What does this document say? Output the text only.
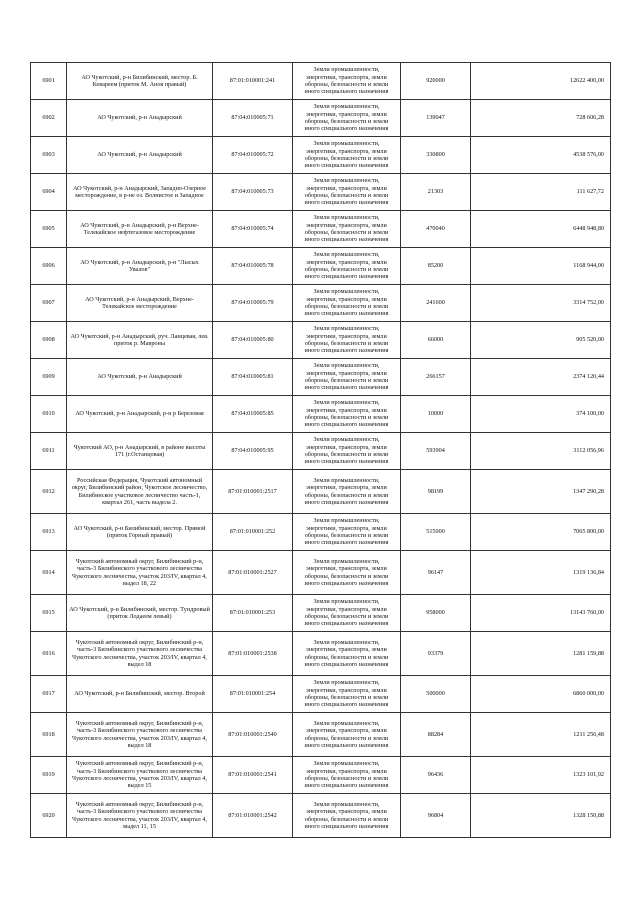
6901	АО Чукотский, р-н Билибинский, местор. Б. Кевареем (приток М. Аноя правый)	87:01:010001:241	Земли промышленности,
энергетики, транспорта, земли
обороны, безопасности и земли
иного специального назначения	920000	12622 400,00
6902	АО Чукотский, р-н Анадырский	87:04:010005:71	Земли промышленности,
энергетики, транспорта, земли
обороны, безопасности и земли
иного специального назначения	139047	728 606,28
6903	АО Чукотский, р-н Анадырский	87:04:010005:72	Земли промышленности,
энергетики, транспорта, земли
обороны, безопасности и земли
иного специального назначения	330800	4538 576,00
6904	АО Чукотский, р-н Анадырский, Западно-Озерное месторождение, в р-не оз. Волнистое и Западное	87:04:010005:73	Земли промышленности,
энергетики, транспорта, земли
обороны, безопасности и земли
иного специального назначения	21303	111 627,72
6905	АО Чукотский, р-н Анадырский, р-н Верхне-Телекайское нефтегазовое месторождение	87:04:010005:74	Земли промышленности,
энергетики, транспорта, земли
обороны, безопасности и земли
иного специального назначения	470040	6448 948,80
6906	АО Чукотский, р-н Анадырский, р-н "Лысых Увалов"	87:04:010005:78	Земли промышленности,
энергетики, транспорта, земли
обороны, безопасности и земли
иного специального назначения	85200	1168 944,00
6907	АО Чукотский, р-н Анадырский, Верхне-Телекайское месторождение	87:04:010005:79	Земли промышленности,
энергетики, транспорта, земли
обороны, безопасности и земли
иного специального назначения	241600	3314 752,00
6908	АО Чукотский, р-н Анадырский, руч. Ланцевая, лев. приток р. Мавроны	87:04:010005:80	Земли промышленности,
энергетики, транспорта, земли
обороны, безопасности и земли
иного специального назначения	66000	905 520,00
6909	АО Чукотский, р-н Анадырский	87:04:010005:81	Земли промышленности,
энергетики, транспорта, земли
обороны, безопасности и земли
иного специального назначения	266157	2374 120,44
6910	АО Чукотский, р-н Анадырский, р-н р Березовая	87:04:010005:85	Земли промышленности,
энергетики, транспорта, земли
обороны, безопасности и земли
иного специального назначения	10000	374 100,00
6911	Чукотский АО, р-н Анадырский, в районе высоты 171 (г.Останцовая)	87:04:010005:95	Земли промышленности,
энергетики, транспорта, земли
обороны, безопасности и земли
иного специального назначения	593904	3112 056,96
6912	Российская Федерация, Чукотский автономный округ, Билибинский район, Чукотское лесничество, Билибинское участковое лесничество часть-1, квартал 261, часть выдела 2.	87:01:010001:2517	Земли промышленности,
энергетики, транспорта, земли
обороны, безопасности и земли
иного специального назначения	98199	1347 290,28
6913	АО Чукотский, р-н Билибинский, местор. Прямой (приток Горный правый)	87:01:010001:252	Земли промышленности,
энергетики, транспорта, земли
обороны, безопасности и земли
иного специального назначения	515000	7065 800,00
6914	Чукотский автономный округ, Билибинский р-н, часть-3 Билибинского участкового лесничества Чукотского лесничества, участок 203/IV, квартал 4, выдел 18, 22	87:01:010001:2527	Земли промышленности,
энергетики, транспорта, земли
обороны, безопасности и земли
иного специального назначения	96147	1319 136,84
6915	АО Чукотский, р-н Билибинский, местор. Тундровый (приток Лодаеем левый)	87:01:010001:253	Земли промышленности,
энергетики, транспорта, земли
обороны, безопасности и земли
иного специального назначения	958000	13143 760,00
6916	Чукотский автономный округ, Билибинский р-н, часть-3 Билибинского участкового лесничества Чукотского лесничества, участок 203/IV, квартал 4, выдел 18	87:01:010001:2538	Земли промышленности,
энергетики, транспорта, земли
обороны, безопасности и земли
иного специального назначения	93379	1281 159,88
6917	АО Чукотский, р-н Билибинский, местор. Второй	87:01:010001:254	Земли промышленности,
энергетики, транспорта, земли
обороны, безопасности и земли
иного специального назначения	500000	6860 000,00
6918	Чукотский автономный округ, Билибинский р-н, часть-3 Билибинского участкового лесничества Чукотского лесничества, участок 203/IV, квартал 4, выдел 18	87:01:010001:2540	Земли промышленности,
энергетики, транспорта, земли
обороны, безопасности и земли
иного специального назначения	88284	1211 256,48
6919	Чукотский автономный округ, Билибинский р-н, часть-3 Билибинского участкового лесничества Чукотского лесничества, участок 203/IV, квартал 4, выдел 15	87:01:010001:2541	Земли промышленности,
энергетики, транспорта, земли
обороны, безопасности и земли
иного специального назначения	96436	1323 101,92
6920	Чукотский автономный округ, Билибинский р-н, часть-3 Билибинского участкового лесничества Чукотского лесничества, участок 203/IV, квартал 4, выдел 11, 15	87:01:010001:2542	Земли промышленности,
энергетики, транспорта, земли
обороны, безопасности и земли
иного специального назначения	96804	1328 150,88
